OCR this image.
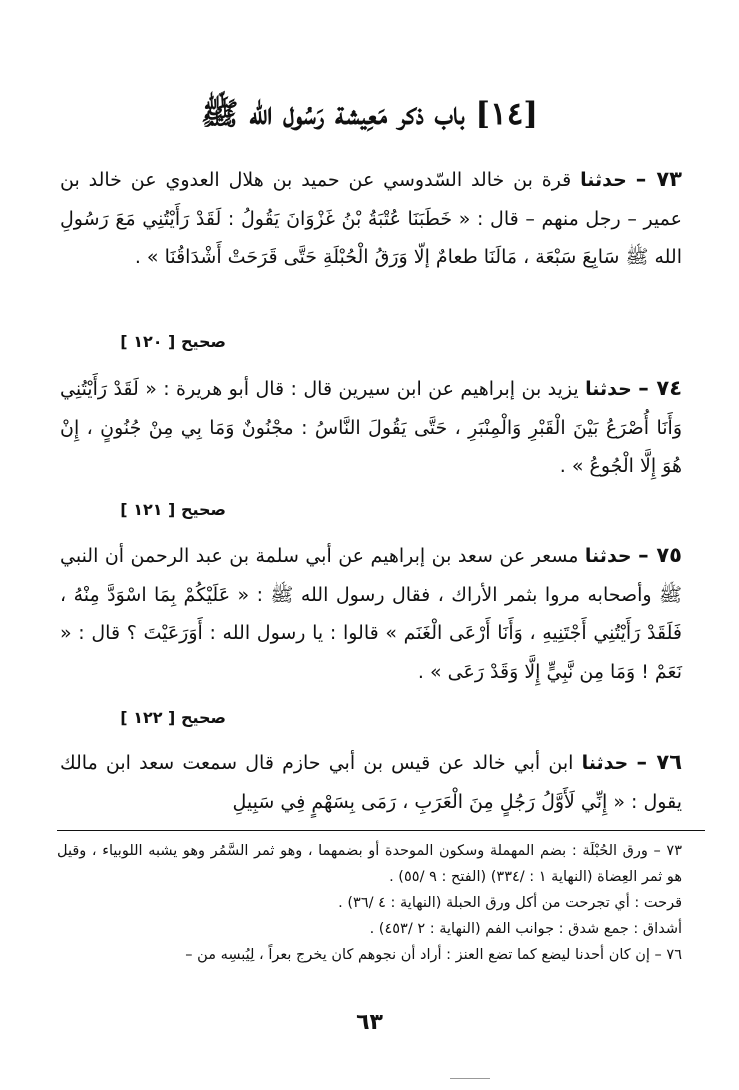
[١٤] باب ذكر مَعِيشة رَسُول الله ﷺ
٧٣ – حدثنا قرة بن خالد السّدوسي عن حميد بن هلال العدوي عن خالد بن عمير – رجل منهم – قال : « خَطَبَنَا عُتْبَةُ بْنُ غَزْوَانَ يَقُولُ : لَقَدْ رَأَيْتُنِي مَعَ رَسُولِ الله ﷺ سَابِعَ سَبْعَة ، مَالَنَا طعامٌ إلّا وَرَقُ الْحُبْلَةِ حَتَّى قَرَحَتْ أَشْدَاقُنَا » .
صحيح [ ١٢٠ ]
٧٤ – حدثنا يزيد بن إبراهيم عن ابن سيرين قال : قال أبو هريرة : « لَقَدْ رَأَيْتُنِي وَأَنَا أُصْرَعُ بَيْنَ الْقَبْرِ وَالْمِنْبَرِ ، حَتَّى يَقُولَ النَّاسُ : مجْنُونٌ وَمَا بِي مِنْ جُنُونٍ ، إِنْ هُوَ إِلَّا الْجُوعُ » .
صحيح [ ١٢١ ]
٧٥ – حدثنا مسعر عن سعد بن إبراهيم عن أبي سلمة بن عبد الرحمن أن النبي ﷺ وأصحابه مروا بثمر الأراك ، فقال رسول الله ﷺ : « عَلَيْكُمْ بِمَا اسْوَدَّ مِنْهُ ، فَلَقَدْ رَأَيْتُنِي أَجْتَنِيهِ ، وَأَنَا أَرْعَى الْغَنَم » قالوا : يا رسول الله : أَوَرَعَيْتَ ؟ قال : « نَعَمْ ! وَمَا مِن نَّبِيٍّ إِلَّا وَقَدْ رَعَى » .
صحيح [ ١٢٢ ]
٧٦ – حدثنا ابن أبي خالد عن قيس بن أبي حازم قال سمعت سعد ابن مالك يقول : « إِنِّي لَأَوَّلُ رَجُلٍ مِنَ الْعَرَبِ ، رَمَى بِسَهْمٍ فِي سَبِيلِ

٧٣ – ورق الحُبْلَة : بضم المهملة وسكون الموحدة أو بضمهما ، وهو ثمر السَّمُر وهو يشبه اللوبياء ، وقيل هو ثمر العِضاة (النهاية ١ : /٣٣٤) (الفتح : ٩ /٥٥) .

قرحت : أي تجرحت من أكل ورق الحبلة (النهاية : ٤ /٣٦) .

أشداق : جمع شدق : جوانب الفم (النهاية : ٢ /٤٥٣) .

٧٦ – إن كان أحدنا ليضع كما تضع العنز : أراد أن نجوهم كان يخرج بعراً ، لِيُبسِه من –

٦٣
